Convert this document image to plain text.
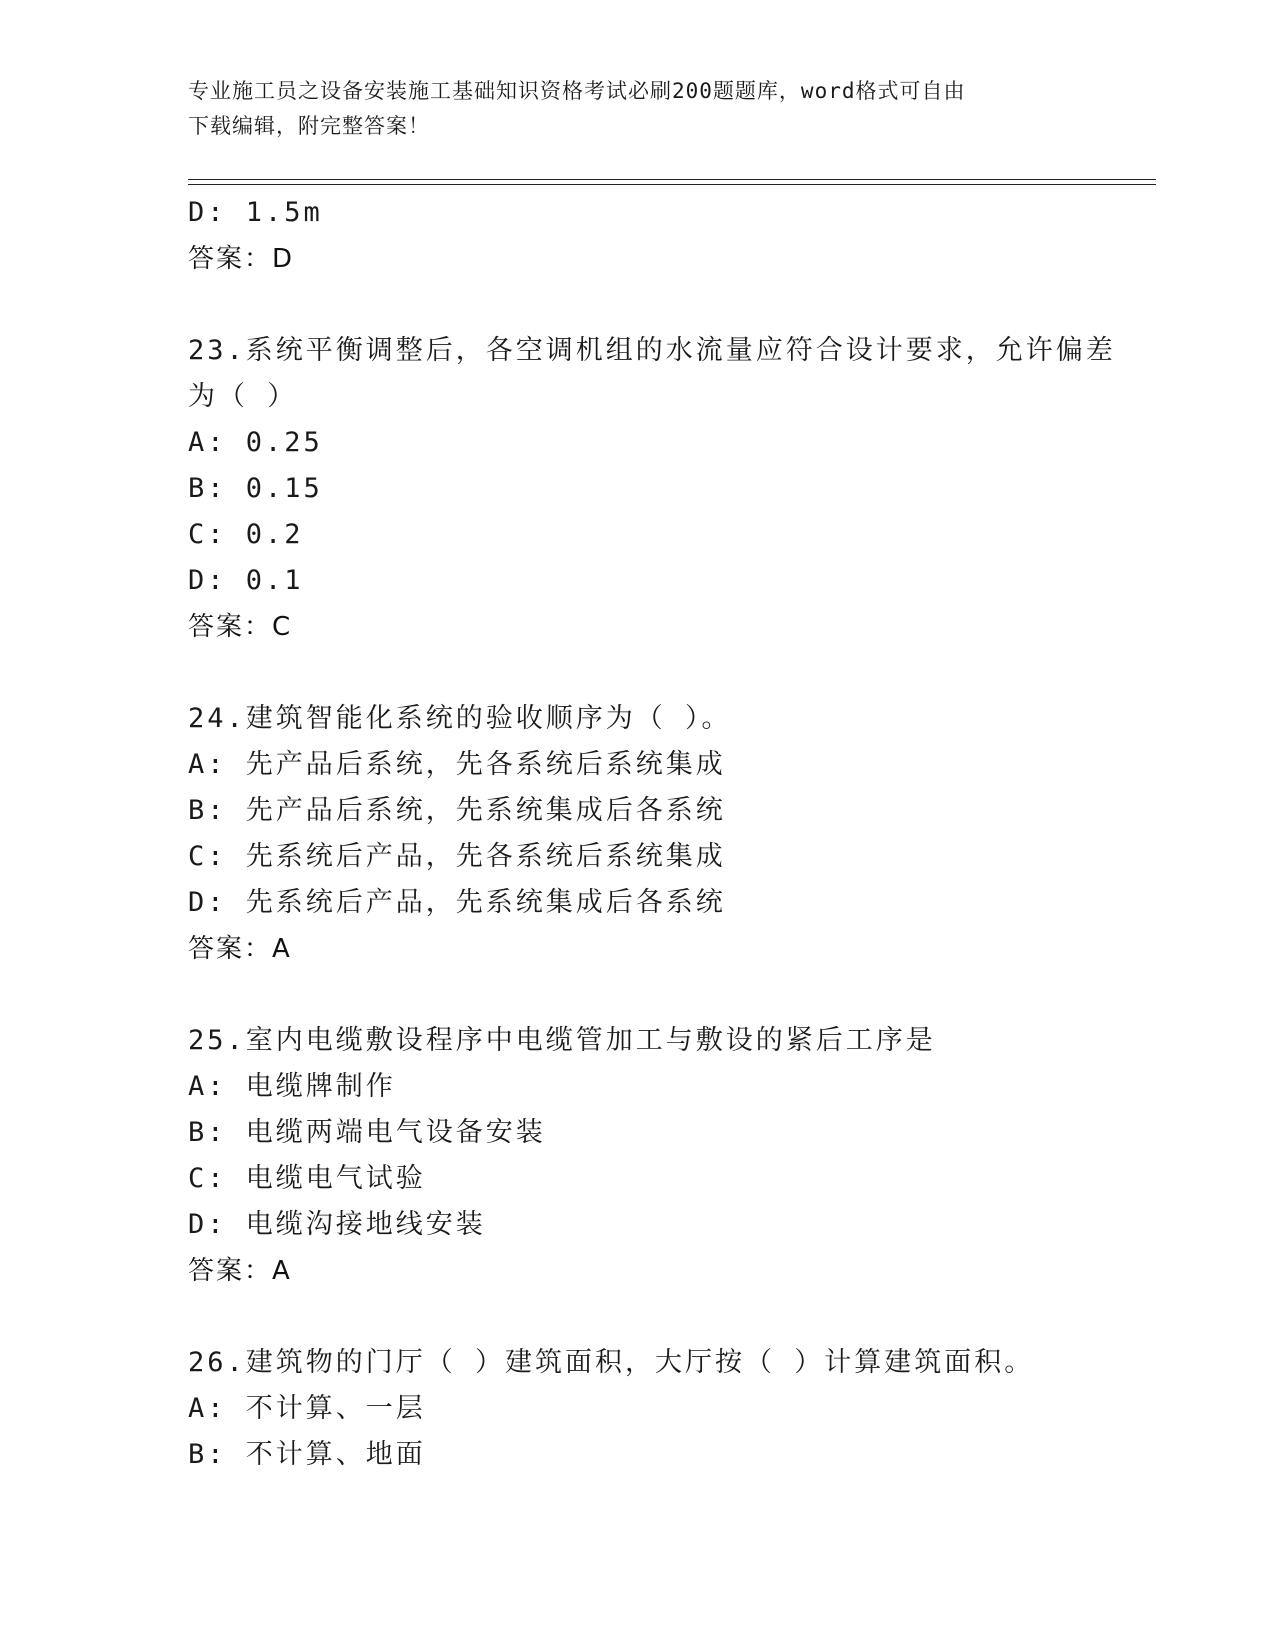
专业施工员之设备安装施工基础知识资格考试必刷200题题库，word格式可自由
下载编辑，附完整答案！
D: 1.5m
答案：D
23.系统平衡调整后，各空调机组的水流量应符合设计要求，允许偏差
为（ ）
A: 0.25
B: 0.15
C: 0.2
D: 0.1
答案：C
24.建筑智能化系统的验收顺序为（ ）。
A: 先产品后系统，先各系统后系统集成
B: 先产品后系统，先系统集成后各系统
C: 先系统后产品，先各系统后系统集成
D: 先系统后产品，先系统集成后各系统
答案：A
25.室内电缆敷设程序中电缆管加工与敷设的紧后工序是
A: 电缆牌制作
B: 电缆两端电气设备安装
C: 电缆电气试验
D: 电缆沟接地线安装
答案：A
26.建筑物的门厅（ ）建筑面积，大厅按（ ）计算建筑面积。
A: 不计算、一层
B: 不计算、地面
